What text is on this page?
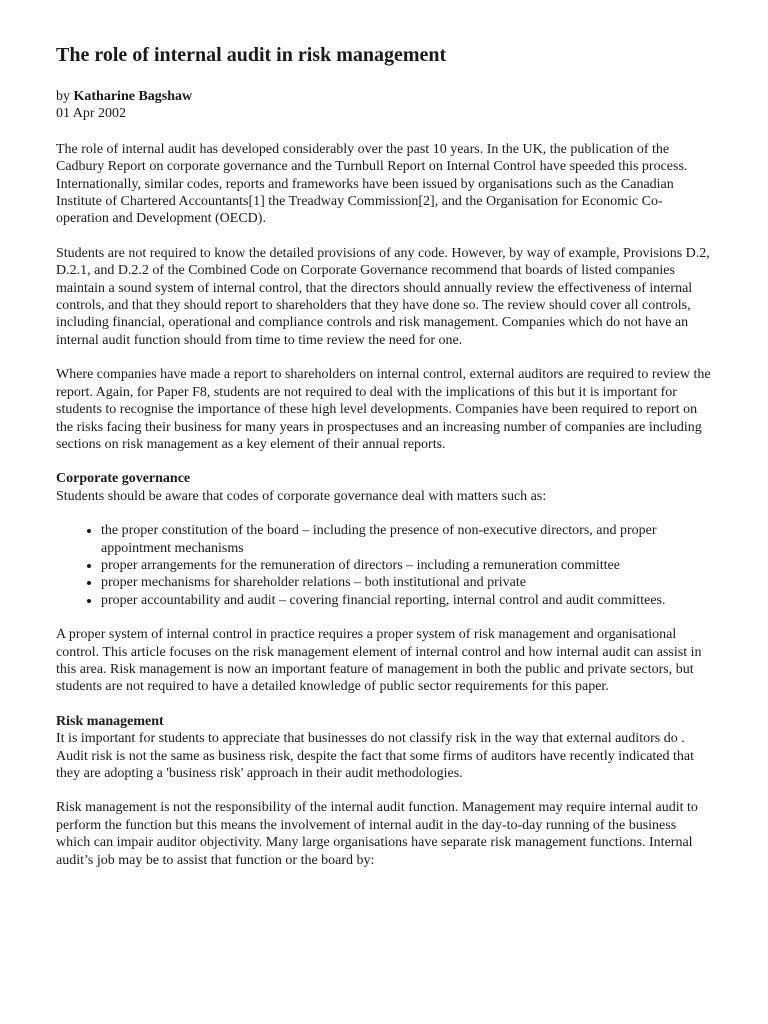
The role of internal audit in risk management
by Katharine Bagshaw
01 Apr 2002

The role of internal audit has developed considerably over the past 10 years. In the UK, the publication of the Cadbury Report on corporate governance and the Turnbull Report on Internal Control have speeded this process. Internationally, similar codes, reports and frameworks have been issued by organisations such as the Canadian Institute of Chartered Accountants[1] the Treadway Commission[2], and the Organisation for Economic Co-operation and Development (OECD).

Students are not required to know the detailed provisions of any code. However, by way of example, Provisions D.2, D.2.1, and D.2.2 of the Combined Code on Corporate Governance recommend that boards of listed companies maintain a sound system of internal control, that the directors should annually review the effectiveness of internal controls, and that they should report to shareholders that they have done so. The review should cover all controls, including financial, operational and compliance controls and risk management. Companies which do not have an internal audit function should from time to time review the need for one.

Where companies have made a report to shareholders on internal control, external auditors are required to review the report. Again, for Paper F8, students are not required to deal with the implications of this but it is important for students to recognise the importance of these high level developments. Companies have been required to report on the risks facing their business for many years in prospectuses and an increasing number of companies are including sections on risk management as a key element of their annual reports.

Corporate governance
Students should be aware that codes of corporate governance deal with matters such as:
• the proper constitution of the board – including the presence of non-executive directors, and proper appointment mechanisms
• proper arrangements for the remuneration of directors – including a remuneration committee
• proper mechanisms for shareholder relations – both institutional and private
• proper accountability and audit – covering financial reporting, internal control and audit committees.

A proper system of internal control in practice requires a proper system of risk management and organisational control. This article focuses on the risk management element of internal control and how internal audit can assist in this area. Risk management is now an important feature of management in both the public and private sectors, but students are not required to have a detailed knowledge of public sector requirements for this paper.

Risk management

It is important for students to appreciate that businesses do not classify risk in the way that external auditors do . Audit risk is not the same as business risk, despite the fact that some firms of auditors have recently indicated that they are adopting a 'business risk' approach in their audit methodologies.

Risk management is not the responsibility of the internal audit function. Management may require internal audit to perform the function but this means the involvement of internal audit in the day-to-day running of the business which can impair auditor objectivity. Many large organisations have separate risk management functions. Internal audit’s job may be to assist that function or the board by:
